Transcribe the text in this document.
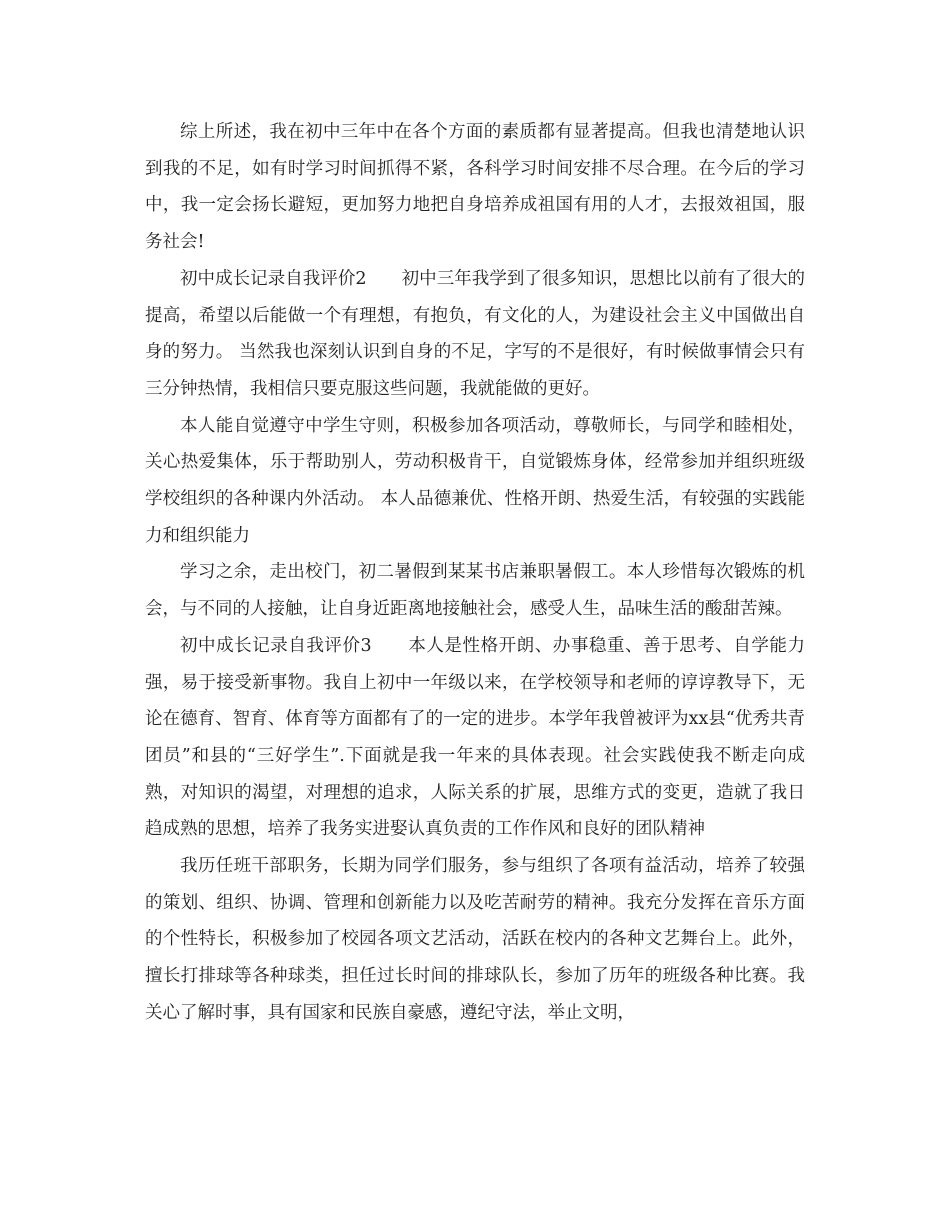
综上所述，我在初中三年中在各个方面的素质都有显著提高。但我也清楚地认识到我的不足，如有时学习时间抓得不紧，各科学习时间安排不尽合理。在今后的学习中，我一定会扬长避短，更加努力地把自身培养成祖国有用的人才，去报效祖国，服务社会!

初中成长记录自我评价2　　初中三年我学到了很多知识，思想比以前有了很大的提高，希望以后能做一个有理想，有抱负，有文化的人，为建设社会主义中国做出自身的努力。 当然我也深刻认识到自身的不足，字写的不是很好，有时候做事情会只有三分钟热情，我相信只要克服这些问题，我就能做的更好。

本人能自觉遵守中学生守则，积极参加各项活动，尊敬师长，与同学和睦相处，关心热爱集体，乐于帮助别人，劳动积极肯干，自觉锻炼身体，经常参加并组织班级学校组织的各种课内外活动。 本人品德兼优、性格开朗、热爱生活，有较强的实践能力和组织能力

学习之余，走出校门，初二暑假到某某书店兼职暑假工。本人珍惜每次锻炼的机会，与不同的人接触，让自身近距离地接触社会，感受人生，品味生活的酸甜苦辣。

初中成长记录自我评价3　　本人是性格开朗、办事稳重、善于思考、自学能力强，易于接受新事物。我自上初中一年级以来，在学校领导和老师的谆谆教导下，无论在德育、智育、体育等方面都有了的一定的进步。本学年我曾被评为xx县“优秀共青团员”和县的“三好学生”.下面就是我一年来的具体表现。社会实践使我不断走向成熟，对知识的渴望，对理想的追求，人际关系的扩展，思维方式的变更，造就了我日趋成熟的思想，培养了我务实进娶认真负责的工作作风和良好的团队精神

我历任班干部职务，长期为同学们服务，参与组织了各项有益活动，培养了较强的策划、组织、协调、管理和创新能力以及吃苦耐劳的精神。我充分发挥在音乐方面的个性特长，积极参加了校园各项文艺活动，活跃在校内的各种文艺舞台上。此外，擅长打排球等各种球类，担任过长时间的排球队长，参加了历年的班级各种比赛。我关心了解时事，具有国家和民族自豪感，遵纪守法，举止文明，
